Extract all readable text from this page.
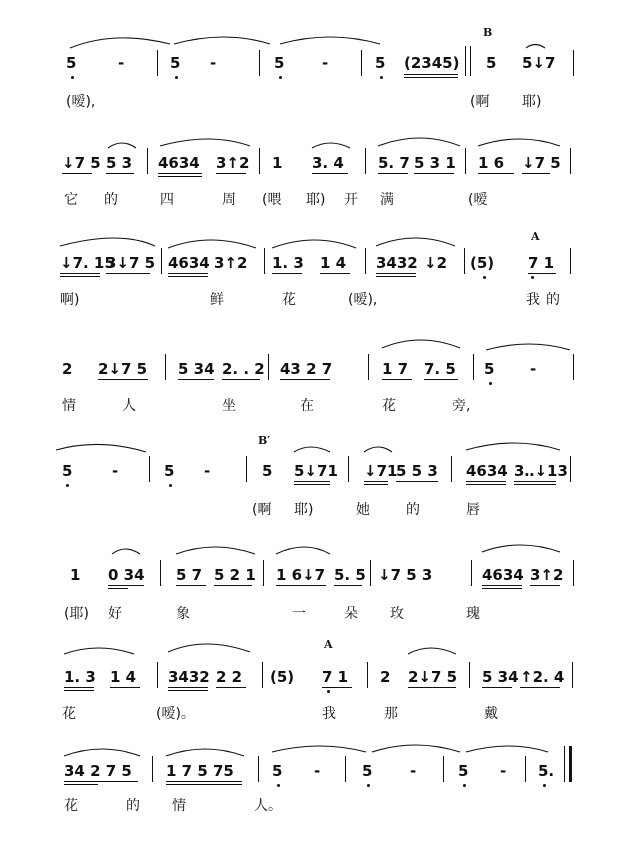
5	-	5 -	5	-	5 (2345) 5 5↓7
B
(嗳),	(啊 耶)
↓7 5 5 3 4634 3↑2 1 3. 4 5. 7 5 3 1 1 6 ↓7 5
它 的	四	周 (喂 耶) 开 满	(嗳
↓7. 15
3↓7 5 4634 3↑2 1. 3 1 4 3432 ↓2 (5) 7 1
A
啊)	鲜	花	(嗳),	我 的
2 2↓7 5 5 34 2. . 2 43 2 7	1 7 7. 5 5 -
情	人	坐	在	花	旁,
5	-	5 -	5 5↓71 ↓71
5 5 3 4634 3‥↓13
B′
(啊 耶)	她	的	唇
1 0 34 5 7 5 2 1 1 6↓7 5. 5 ↓7 5 3	4634 3↑2
(耶) 好	象	一	朵 玫	瑰
1. 3 1 4 3432 2 2 (5) 7 1 2 2↓7 5 5 34 ↑2. 4
A
花	(嗳)。	我	那	戴
34 2 7 5 1 7 5 75	5 -	5	-	5 - 5.
花	的 情	人。
